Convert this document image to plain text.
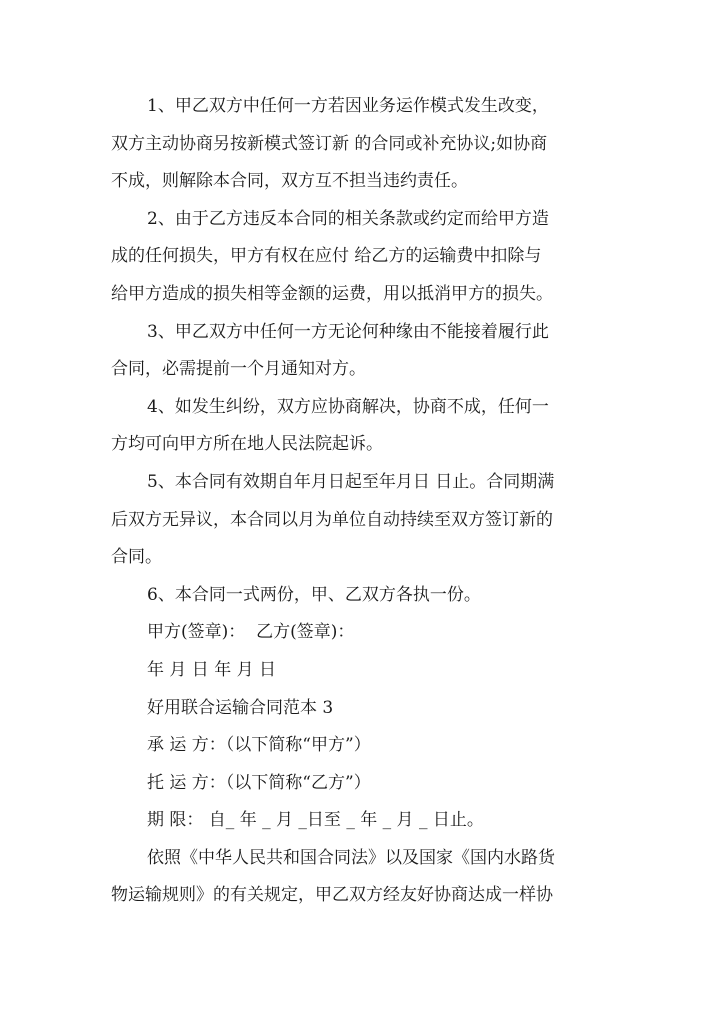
1、甲乙双方中任何一方若因业务运作模式发生改变，
双方主动协商另按新模式签订新 的合同或补充协议;如协商
不成，则解除本合同，双方互不担当违约责任。
2、由于乙方违反本合同的相关条款或约定而给甲方造
成的任何损失，甲方有权在应付 给乙方的运输费中扣除与
给甲方造成的损失相等金额的运费，用以抵消甲方的损失。
3、甲乙双方中任何一方无论何种缘由不能接着履行此
合同，必需提前一个月通知对方。
4、如发生纠纷，双方应协商解决，协商不成，任何一
方均可向甲方所在地人民法院起诉。
5、本合同有效期自年月日起至年月日 日止。合同期满
后双方无异议，本合同以月为单位自动持续至双方签订新的
合同。
6、本合同一式两份，甲、乙双方各执一份。
甲方(签章)：  乙方(签章)：
年 月 日 年 月 日
好用联合运输合同范本 3
承 运 方：（以下简称“甲方”）
托 运 方：（以下简称“乙方”）
期 限： 自_ 年 _ 月 _日至 _ 年 _ 月 _ 日止。
依照《中华人民共和国合同法》以及国家《国内水路货
物运输规则》的有关规定，甲乙双方经友好协商达成一样协
